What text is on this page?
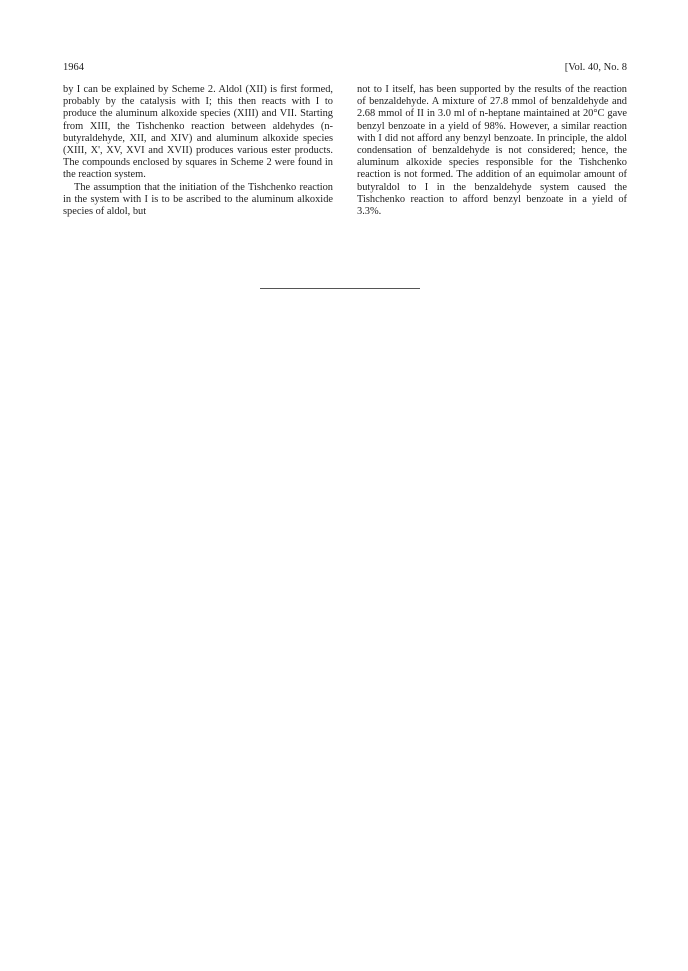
1964	[Vol. 40, No. 8

by I can be explained by Scheme 2. Aldol (XII) is first formed, probably by the catalysis with I; this then reacts with I to produce the aluminum alkoxide species (XIII) and VII. Starting from XIII, the Tishchenko reaction between aldehydes (n-butyraldehyde, XII, and XIV) and aluminum alkoxide species (XIII, X', XV, XVI and XVII) produces various ester products. The compounds enclosed by squares in Scheme 2 were found in the reaction system.

The assumption that the initiation of the Tishchenko reaction in the system with I is to be ascribed to the aluminum alkoxide species of aldol, but

not to I itself, has been supported by the results of the reaction of benzaldehyde. A mixture of 27.8 mmol of benzaldehyde and 2.68 mmol of II in 3.0 ml of n-heptane maintained at 20°C gave benzyl benzoate in a yield of 98%. However, a similar reaction with I did not afford any benzyl benzoate. In principle, the aldol condensation of benzaldehyde is not considered; hence, the aluminum alkoxide species responsible for the Tishchenko reaction is not formed. The addition of an equimolar amount of butyraldol to I in the benzaldehyde system caused the Tishchenko reaction to afford benzyl benzoate in a yield of 3.3%.
